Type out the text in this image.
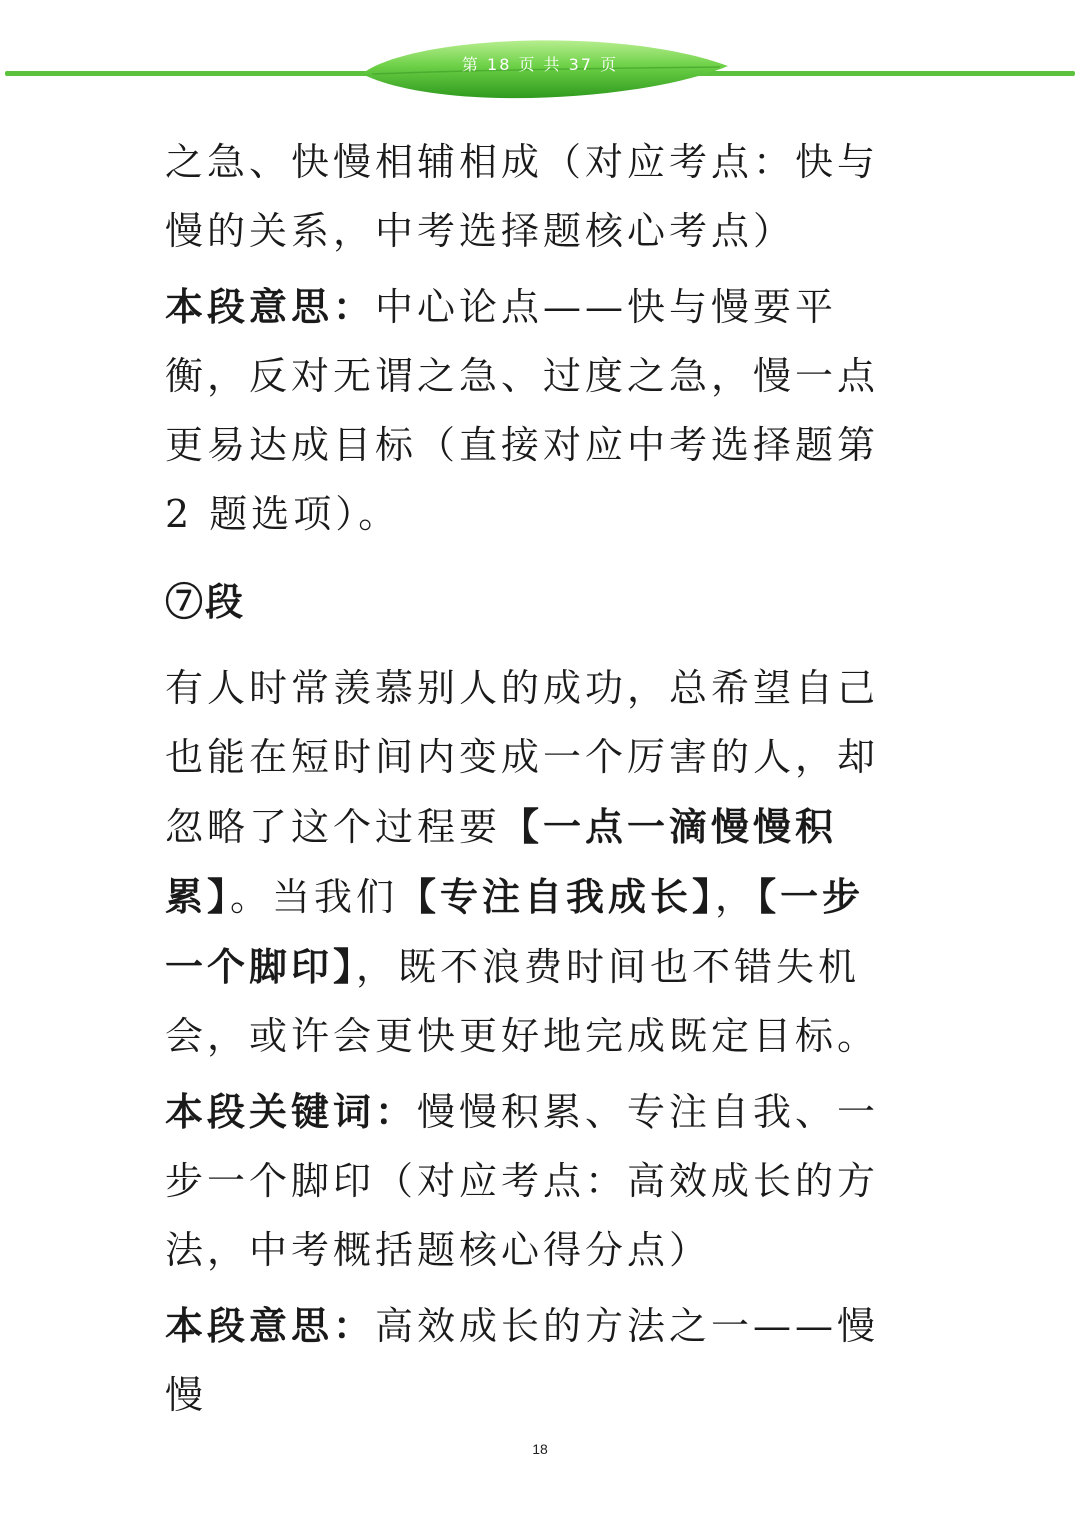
第 18 页 共 37 页

之急、快慢相辅相成（对应考点：快与慢的关系，中考选择题核心考点）

本段意思：中心论点——快与慢要平衡，反对无谓之急、过度之急，慢一点更易达成目标（直接对应中考选择题第 2 题选项）。

⑦段

有人时常羡慕别人的成功，总希望自己也能在短时间内变成一个厉害的人，却忽略了这个过程要【一点一滴慢慢积累】。当我们【专注自我成长】，【一步一个脚印】，既不浪费时间也不错失机会，或许会更快更好地完成既定目标。

本段关键词：慢慢积累、专注自我、一步一个脚印（对应考点：高效成长的方法，中考概括题核心得分点）

本段意思：高效成长的方法之一——慢慢

18
